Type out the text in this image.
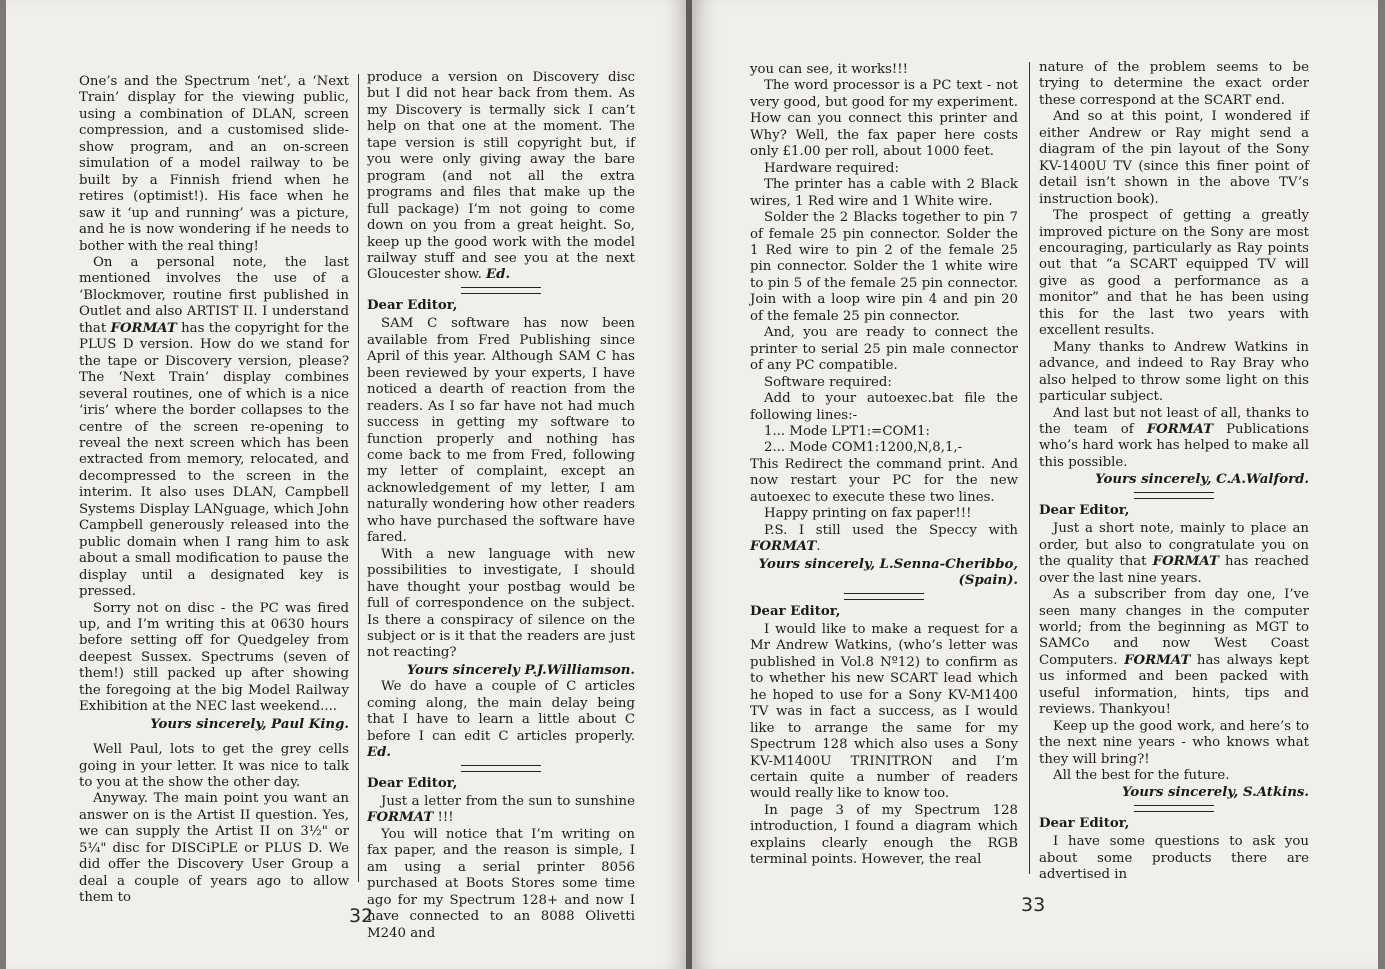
One’s and the Spectrum ‘net’, a ‘Next Train’ display for the viewing public, using a combination of DLAN, screen compression, and a customised slide-show program, and an on-screen simulation of a model railway to be built by a Finnish friend when he retires (optimist!). His face when he saw it ‘up and running’ was a picture, and he is now wondering if he needs to bother with the real thing!

On a personal note, the last mentioned involves the use of a ‘Blockmover, routine first published in Outlet and also ARTIST II. I understand that FORMAT has the copyright for the PLUS D version. How do we stand for the tape or Discovery version, please? The ‘Next Train’ display combines several routines, one of which is a nice ‘iris’ where the border collapses to the centre of the screen re-opening to reveal the next screen which has been extracted from memory, relocated, and decompressed to the screen in the interim. It also uses DLAN, Campbell Systems Display LANguage, which John Campbell generously released into the public domain when I rang him to ask about a small modification to pause the display until a designated key is pressed.

Sorry not on disc - the PC was fired up, and I’m writing this at 0630 hours before setting off for Quedgeley from deepest Sussex. Spectrums (seven of them!) still packed up after showing the foregoing at the big Model Railway Exhibition at the NEC last weekend....

Yours sincerely, Paul King.

Well Paul, lots to get the grey cells going in your letter. It was nice to talk to you at the show the other day.

Anyway. The main point you want an answer on is the Artist II question. Yes, we can supply the Artist II on 3½" or 5¼" disc for DISCiPLE or PLUS D. We did offer the Discovery User Group a deal a couple of years ago to allow them to

produce a version on Discovery disc but I did not hear back from them. As my Discovery is termally sick I can’t help on that one at the moment. The tape version is still copyright but, if you were only giving away the bare program (and not all the extra programs and files that make up the full package) I’m not going to come down on you from a great height. So, keep up the good work with the model railway stuff and see you at the next Gloucester show. Ed.

Dear Editor,

SAM C software has now been available from Fred Publishing since April of this year. Although SAM C has been reviewed by your experts, I have noticed a dearth of reaction from the readers. As I so far have not had much success in getting my software to function properly and nothing has come back to me from Fred, following my letter of complaint, except an acknowledgement of my letter, I am naturally wondering how other readers who have purchased the software have fared.

With a new language with new possibilities to investigate, I should have thought your postbag would be full of correspondence on the subject. Is there a conspiracy of silence on the subject or is it that the readers are just not reacting?

Yours sincerely P.J.Williamson.

We do have a couple of C articles coming along, the main delay being that I have to learn a little about C before I can edit C articles properly. Ed.

Dear Editor,

Just a letter from the sun to sunshine FORMAT !!!

You will notice that I’m writing on fax paper, and the reason is simple, I am using a serial printer 8056 purchased at Boots Stores some time ago for my Spectrum 128+ and now I have connected to an 8088 Olivetti M240 and

32

you can see, it works!!!

The word processor is a PC text - not very good, but good for my experiment. How can you connect this printer and Why? Well, the fax paper here costs only £1.00 per roll, about 1000 feet.

Hardware required:

The printer has a cable with 2 Black wires, 1 Red wire and 1 White wire.

Solder the 2 Blacks together to pin 7 of female 25 pin connector. Solder the 1 Red wire to pin 2 of the female 25 pin connector. Solder the 1 white wire to pin 5 of the female 25 pin connector. Join with a loop wire pin 4 and pin 20 of the female 25 pin connector.

And, you are ready to connect the printer to serial 25 pin male connector of any PC compatible.

Software required:

Add to your autoexec.bat file the following lines:-

1... Mode LPT1:=COM1:

2... Mode COM1:1200,N,8,1,-

This Redirect the command print. And now restart your PC for the new autoexec to execute these two lines.

Happy printing on fax paper!!!

P.S. I still used the Speccy with FORMAT.

Yours sincerely, L.Senna-Cheribbo,

(Spain).

Dear Editor,

I would like to make a request for a Mr Andrew Watkins, (who’s letter was published in Vol.8 Nº12) to confirm as to whether his new SCART lead which he hoped to use for a Sony KV-M1400 TV was in fact a success, as I would like to arrange the same for my Spectrum 128 which also uses a Sony KV-M1400U TRINITRON and I’m certain quite a number of readers would really like to know too.

In page 3 of my Spectrum 128 introduction, I found a diagram which explains clearly enough the RGB terminal points. However, the real

nature of the problem seems to be trying to determine the exact order these correspond at the SCART end.

And so at this point, I wondered if either Andrew or Ray might send a diagram of the pin layout of the Sony KV-1400U TV (since this finer point of detail isn’t shown in the above TV’s instruction book).

The prospect of getting a greatly improved picture on the Sony are most encouraging, particularly as Ray points out that “a SCART equipped TV will give as good a performance as a monitor” and that he has been using this for the last two years with excellent results.

Many thanks to Andrew Watkins in advance, and indeed to Ray Bray who also helped to throw some light on this particular subject.

And last but not least of all, thanks to the team of FORMAT Publications who’s hard work has helped to make all this possible.

Yours sincerely, C.A.Walford.

Dear Editor,

Just a short note, mainly to place an order, but also to congratulate you on the quality that FORMAT has reached over the last nine years.

As a subscriber from day one, I’ve seen many changes in the computer world; from the beginning as MGT to SAMCo and now West Coast Computers. FORMAT has always kept us informed and been packed with useful information, hints, tips and reviews. Thankyou!

Keep up the good work, and here’s to the next nine years - who knows what they will bring?!

All the best for the future.

Yours sincerely, S.Atkins.

Dear Editor,

I have some questions to ask you about some products there are advertised in

33
